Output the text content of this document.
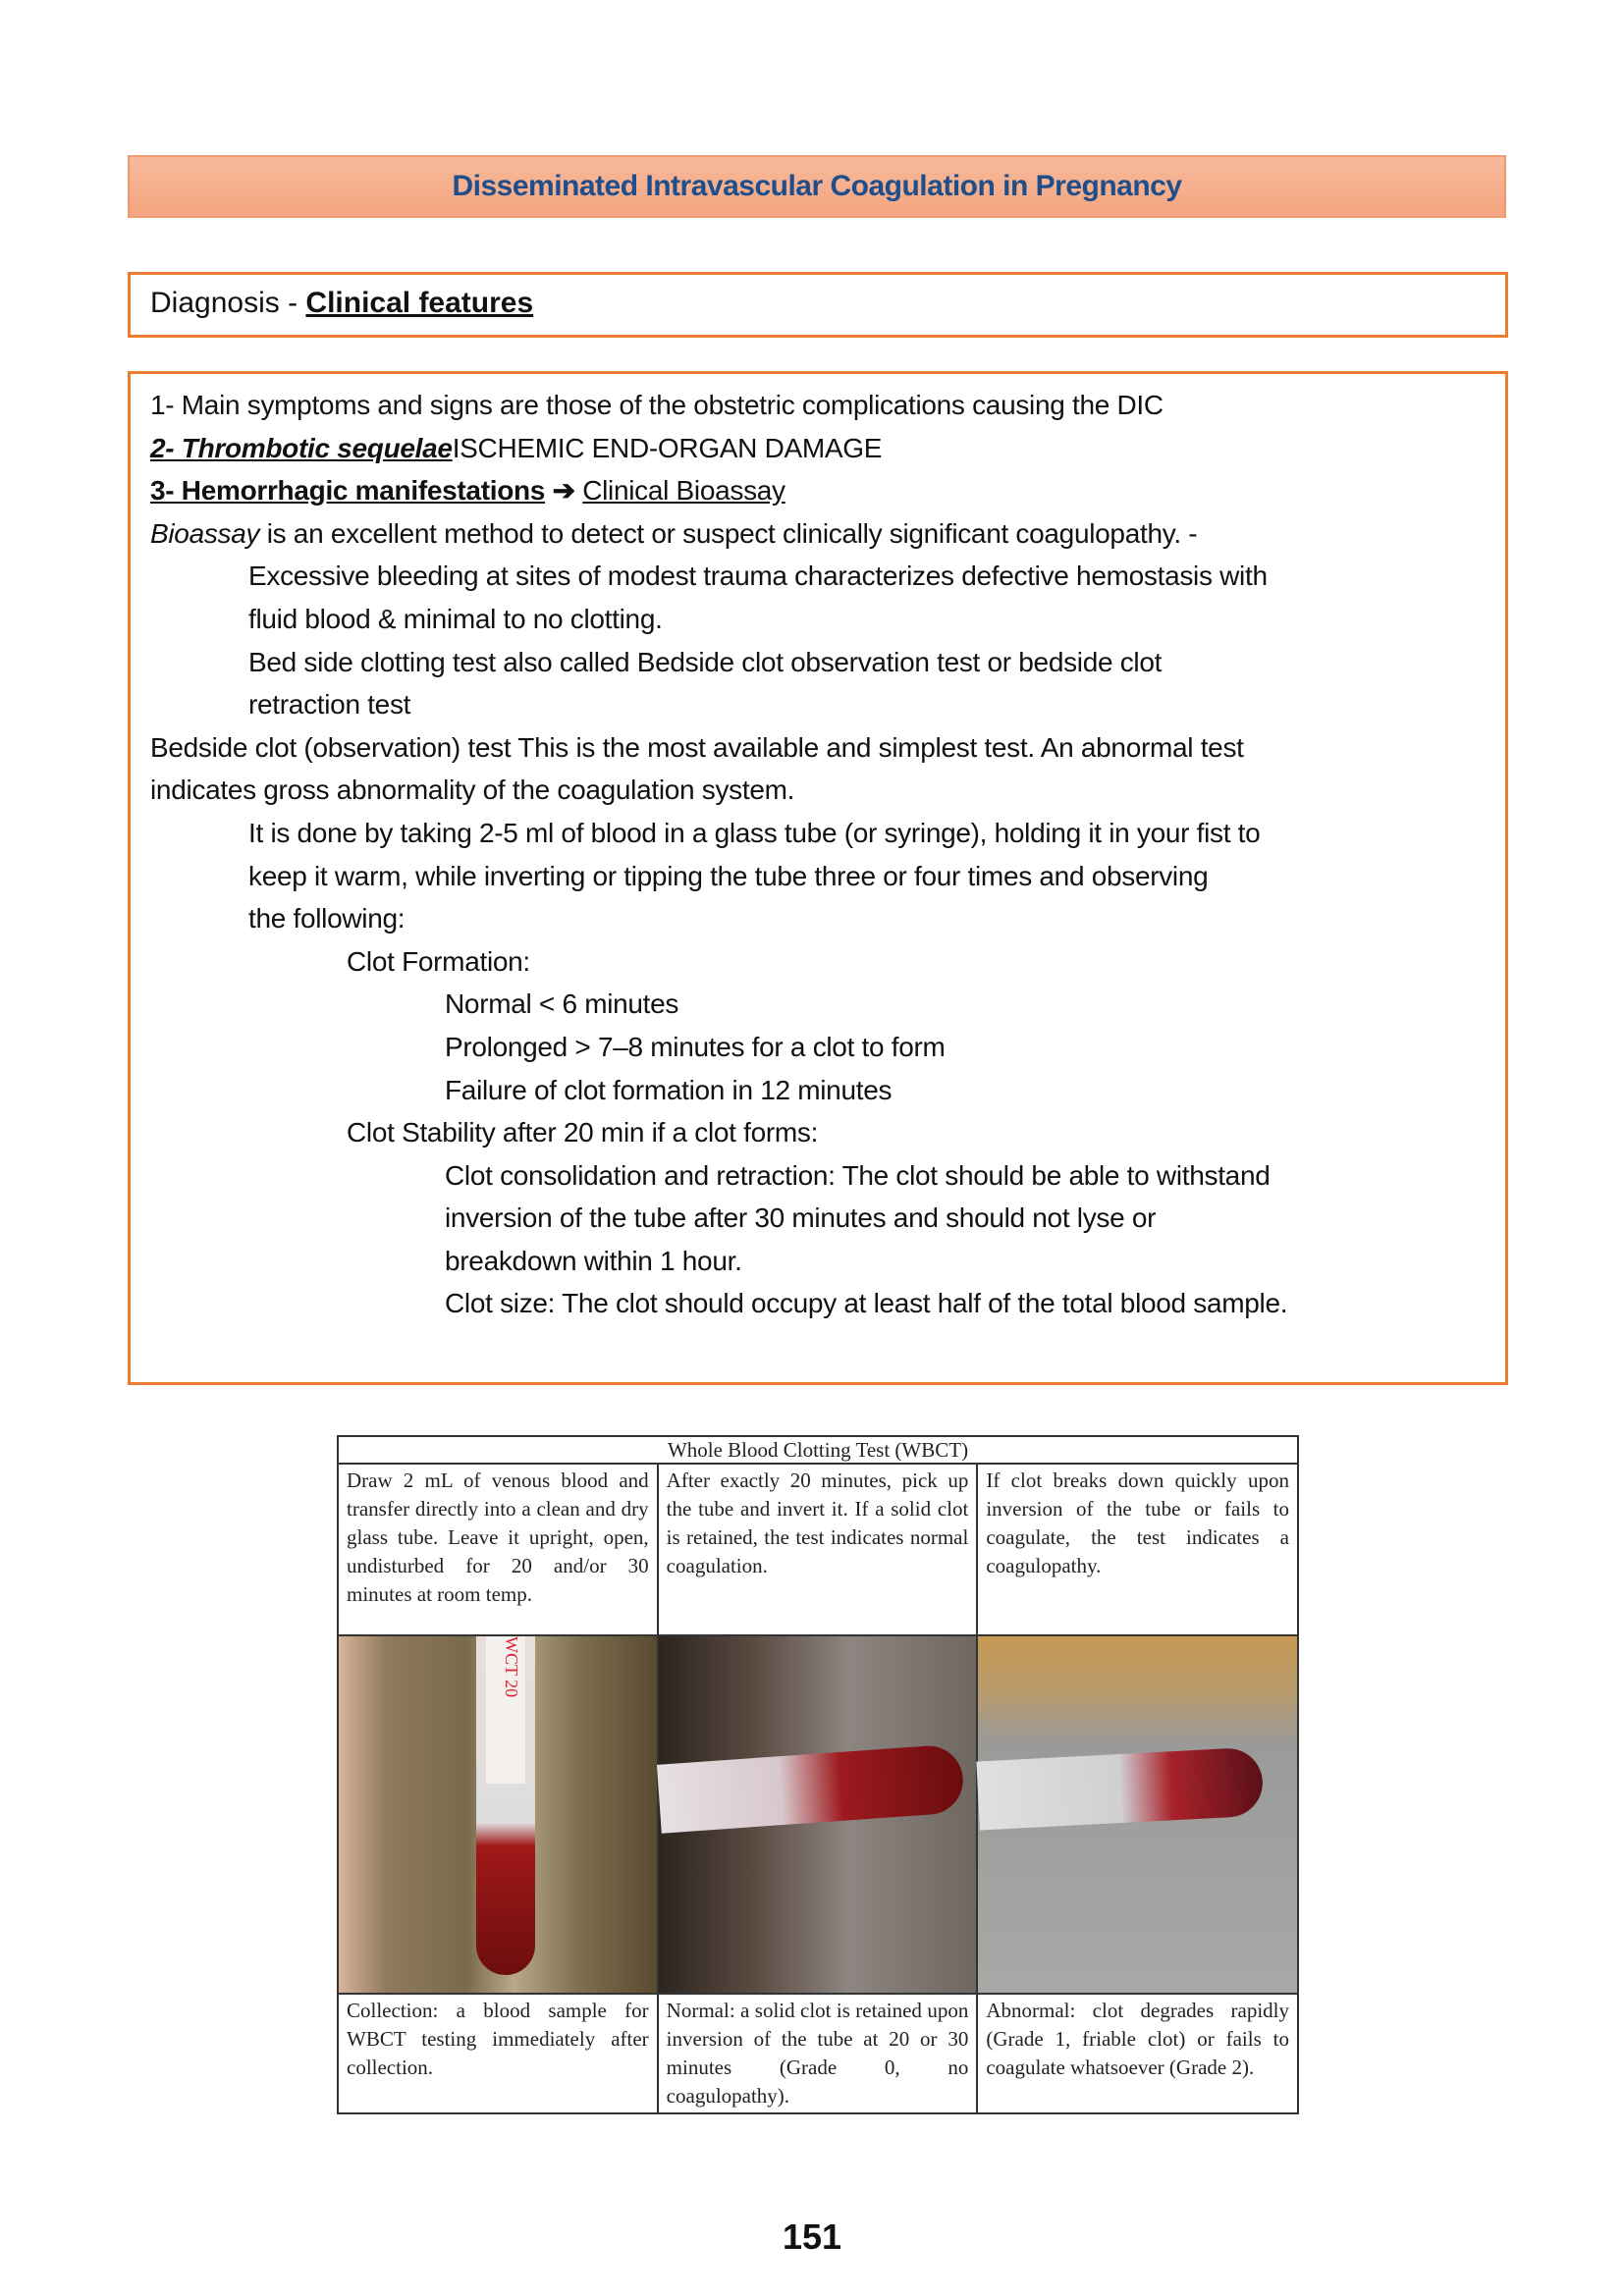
Disseminated Intravascular Coagulation in Pregnancy
Diagnosis - Clinical features
1- Main symptoms and signs are those of the obstetric complications causing the DIC
2- Thrombotic sequelaeISCHEMIC END-ORGAN DAMAGE
3- Hemorrhagic manifestations ➔ Clinical Bioassay
Bioassay is an excellent method to detect or suspect clinically significant coagulopathy. -
Excessive bleeding at sites of modest trauma characterizes defective hemostasis with
fluid blood & minimal to no clotting.
Bed side clotting test also called Bedside clot observation test or bedside clot
retraction test
Bedside clot (observation) test This is the most available and simplest test. An abnormal test
indicates gross abnormality of the coagulation system.
It is done by taking 2-5 ml of blood in a glass tube (or syringe), holding it in your fist to
keep it warm, while inverting or tipping the tube three or four times and observing
the following:
Clot Formation:
Normal < 6 minutes
Prolonged > 7–8 minutes for a clot to form
Failure of clot formation in 12 minutes
Clot Stability after 20 min if a clot forms:
Clot consolidation and retraction: The clot should be able to withstand
inversion of the tube after 30 minutes and should not lyse or
breakdown within 1 hour.
Clot size: The clot should occupy at least half of the total blood sample.
Whole Blood Clotting Test (WBCT)		
Draw 2 mL of venous blood and transfer directly into a clean and dry glass tube. Leave it upright, open, undisturbed for 20 and/or 30 minutes at room temp.	After exactly 20 minutes, pick up the tube and invert it. If a solid clot is retained, the test indicates normal coagulation.	If clot breaks down quickly upon inversion of the tube or fails to coagulate, the test indicates a coagulopathy.

WCT 20		

Collection: a blood sample for WBCT testing immediately after collection.	Normal: a solid clot is retained upon inversion of the tube at 20 or 30 minutes (Grade 0, no coagulopathy).	Abnormal: clot degrades rapidly (Grade 1, friable clot) or fails to coagulate whatsoever (Grade 2).
151
